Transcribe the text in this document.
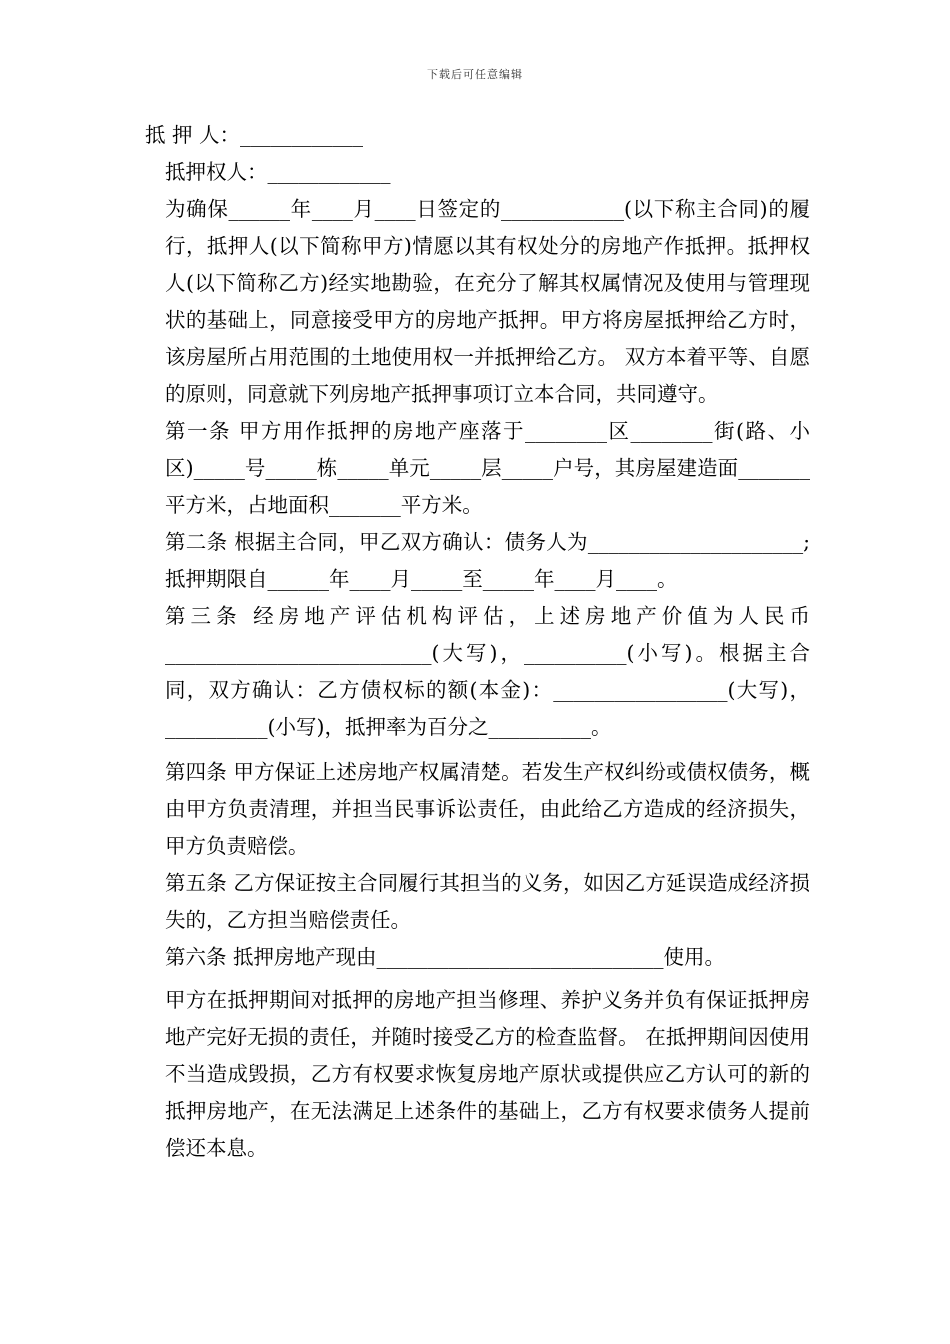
下载后可任意编辑

抵 押 人：____________

抵押权人：____________

为确保______年____月____日签定的____________(以下称主合同)的履行，抵押人(以下简称甲方)情愿以其有权处分的房地产作抵押。抵押权人(以下简称乙方)经实地勘验，在充分了解其权属情况及使用与管理现状的基础上，同意接受甲方的房地产抵押。甲方将房屋抵押给乙方时，该房屋所占用范围的土地使用权一并抵押给乙方。 双方本着平等、自愿的原则，同意就下列房地产抵押事项订立本合同，共同遵守。

第一条 甲方用作抵押的房地产座落于________区________街(路、小区)_____号_____栋_____单元_____层_____户号，其房屋建造面_______平方米，占地面积_______平方米。

第二条 根据主合同，甲乙双方确认：债务人为_____________________;抵押期限自______年____月_____至_____年____月____。

第三条 经房地产评估机构评估，上述房地产价值为人民币__________________________(大写)，__________(小写)。根据主合同，双方确认：乙方债权标的额(本金)：_________________(大写)，__________(小写)，抵押率为百分之__________。

第四条 甲方保证上述房地产权属清楚。若发生产权纠纷或债权债务，概由甲方负责清理，并担当民事诉讼责任，由此给乙方造成的经济损失，甲方负责赔偿。

第五条 乙方保证按主合同履行其担当的义务，如因乙方延误造成经济损失的，乙方担当赔偿责任。

第六条 抵押房地产现由____________________________使用。

甲方在抵押期间对抵押的房地产担当修理、养护义务并负有保证抵押房地产完好无损的责任，并随时接受乙方的检查监督。 在抵押期间因使用不当造成毁损，乙方有权要求恢复房地产原状或提供应乙方认可的新的抵押房地产，在无法满足上述条件的基础上，乙方有权要求债务人提前偿还本息。
